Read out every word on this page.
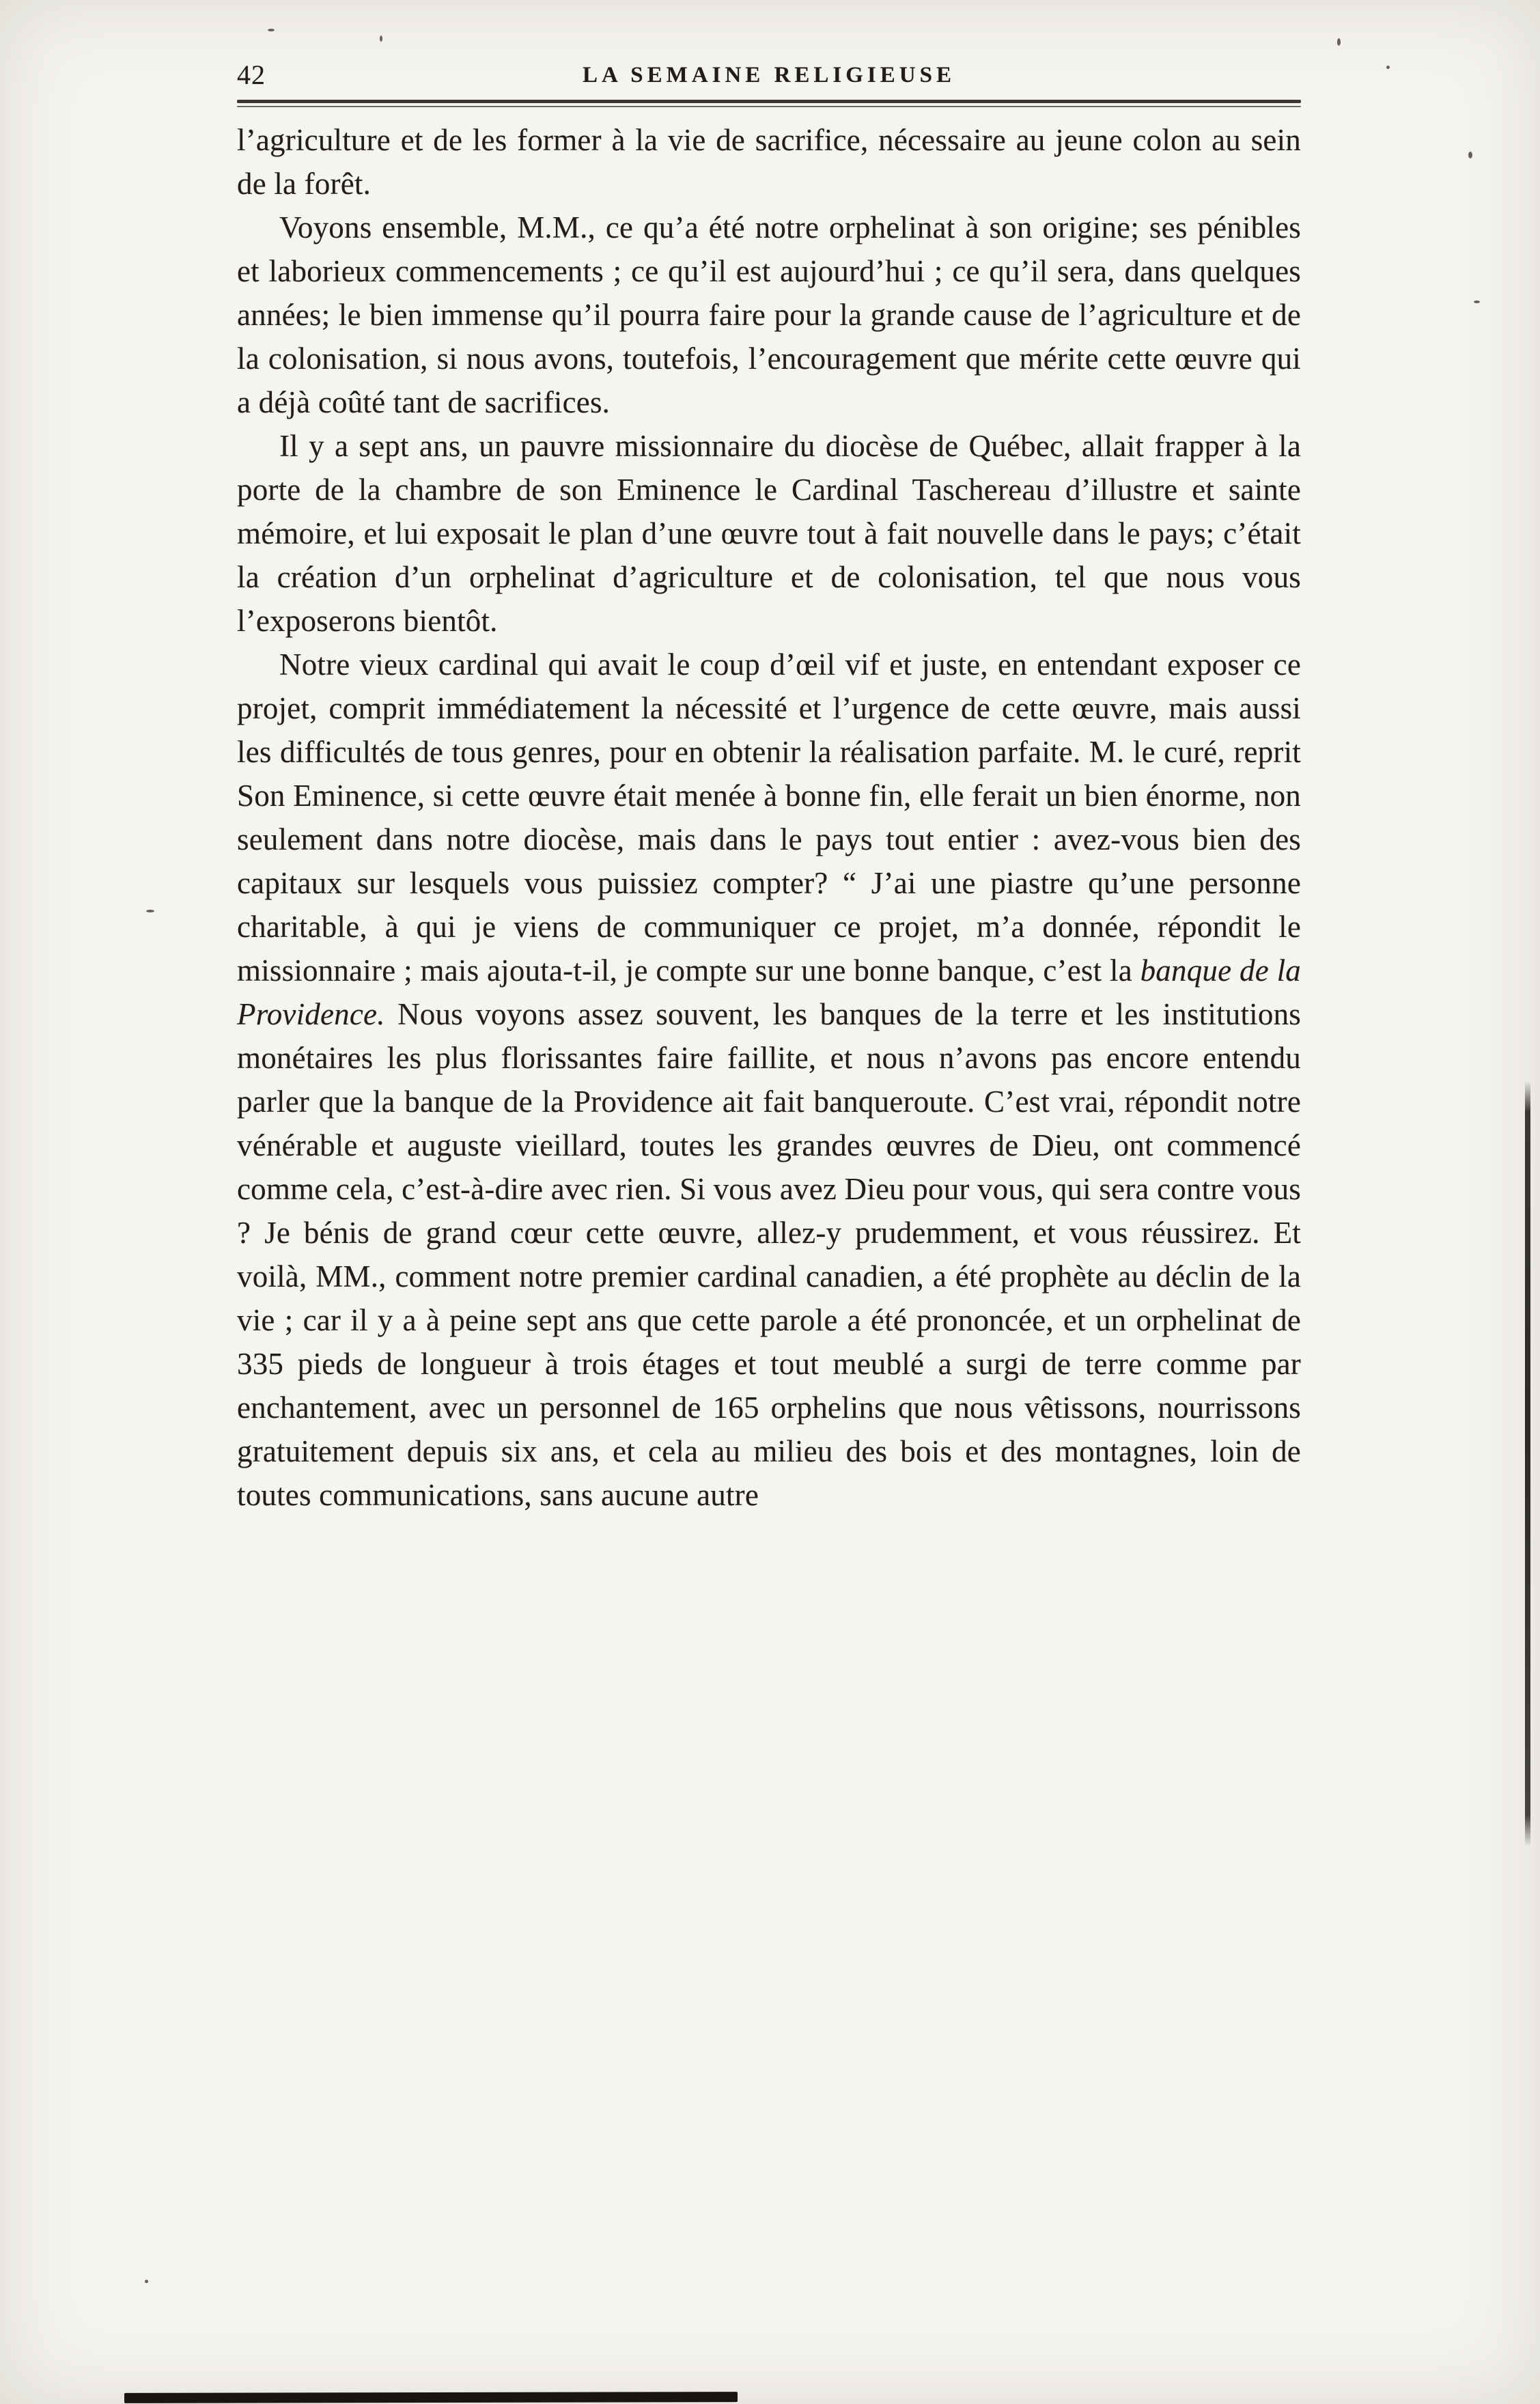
42	LA SEMAINE RELIGIEUSE

l’agriculture et de les former à la vie de sacrifice, nécessaire au jeune colon au sein de la forêt.

Voyons ensemble, M.M., ce qu’a été notre orphelinat à son origine; ses pénibles et laborieux commencements ; ce qu’il est aujourd’hui ; ce qu’il sera, dans quelques années; le bien immense qu’il pourra faire pour la grande cause de l’agriculture et de la colonisation, si nous avons, toutefois, l’encouragement que mérite cette œuvre qui a déjà coûté tant de sacrifices.

Il y a sept ans, un pauvre missionnaire du diocèse de Québec, allait frapper à la porte de la chambre de son Eminence le Cardinal Taschereau d’illustre et sainte mémoire, et lui exposait le plan d’une œuvre tout à fait nouvelle dans le pays; c’était la création d’un orphelinat d’agriculture et de colonisation, tel que nous vous l’exposerons bientôt.

Notre vieux cardinal qui avait le coup d’œil vif et juste, en entendant exposer ce projet, comprit immédiatement la nécessité et l’urgence de cette œuvre, mais aussi les difficultés de tous genres, pour en obtenir la réalisation parfaite. M. le curé, reprit Son Eminence, si cette œuvre était menée à bonne fin, elle ferait un bien énorme, non seulement dans notre diocèse, mais dans le pays tout entier : avez-vous bien des capitaux sur lesquels vous puissiez compter? “ J’ai une piastre qu’une personne charitable, à qui je viens de communiquer ce projet, m’a donnée, répondit le missionnaire ; mais ajouta-t-il, je compte sur une bonne banque, c’est la banque de la Providence. Nous voyons assez souvent, les banques de la terre et les institutions monétaires les plus florissantes faire faillite, et nous n’avons pas encore entendu parler que la banque de la Providence ait fait banqueroute. C’est vrai, répondit notre vénérable et auguste vieillard, toutes les grandes œuvres de Dieu, ont commencé comme cela, c’est-à-dire avec rien. Si vous avez Dieu pour vous, qui sera contre vous ? Je bénis de grand cœur cette œuvre, allez-y prudemment, et vous réussirez. Et voilà, MM., comment notre premier cardinal canadien, a été prophète au déclin de la vie ; car il y a à peine sept ans que cette parole a été prononcée, et un orphelinat de 335 pieds de longueur à trois étages et tout meublé a surgi de terre comme par enchantement, avec un personnel de 165 orphelins que nous vêtissons, nourrissons gratuitement depuis six ans, et cela au milieu des bois et des montagnes, loin de toutes communications, sans aucune autre
